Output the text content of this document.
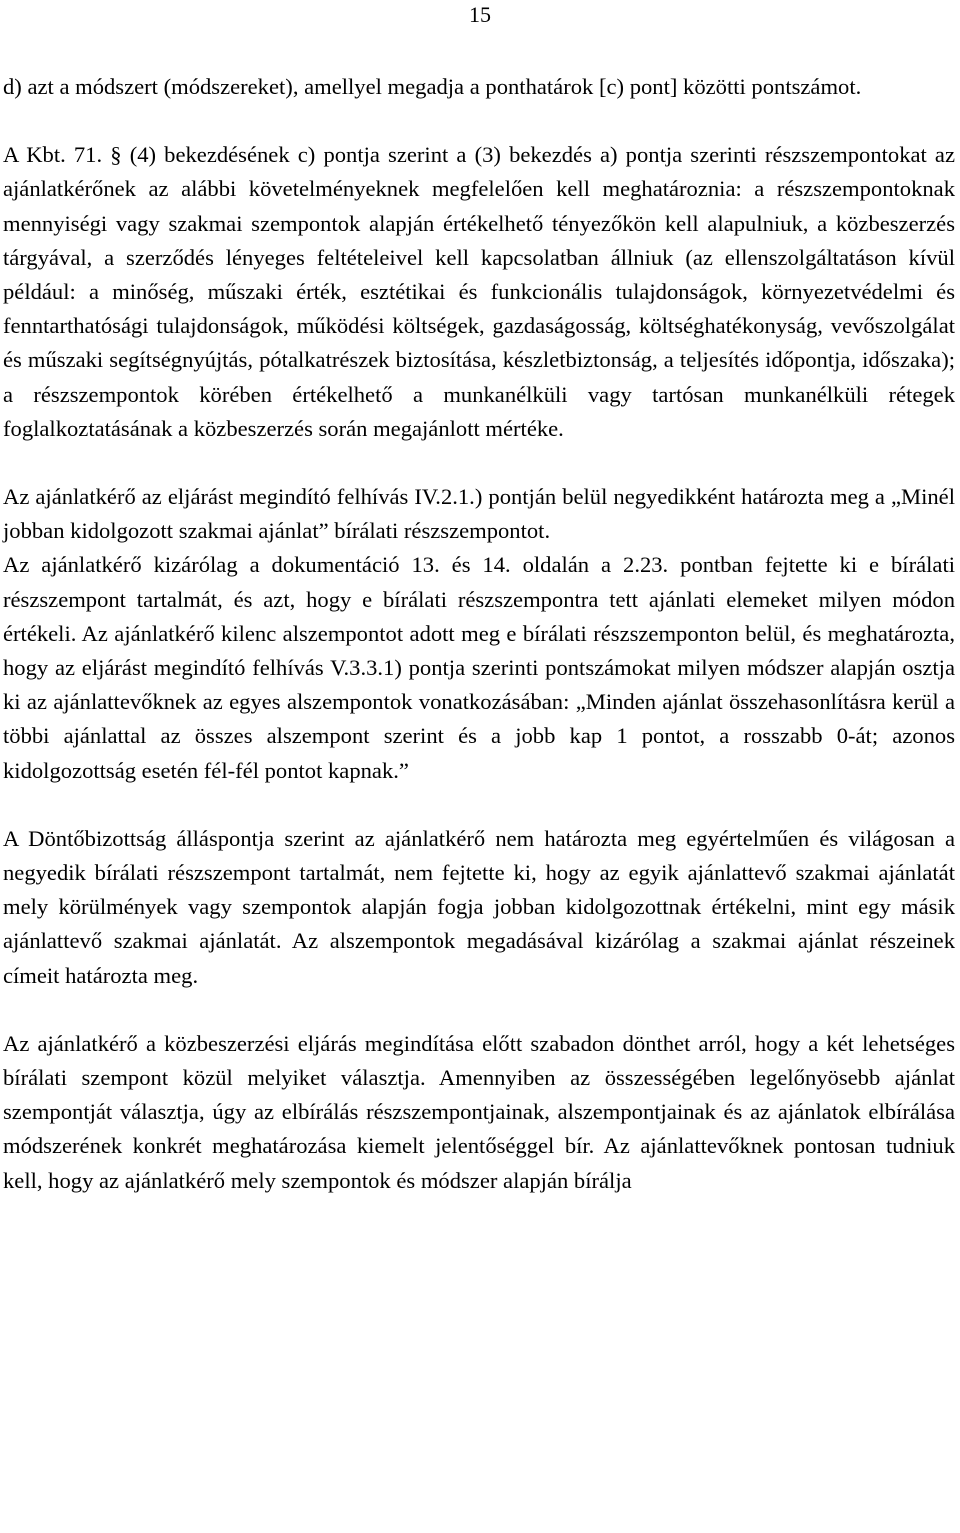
15

d) azt a módszert (módszereket), amellyel megadja a ponthatárok [c) pont] közötti pontszámot.

A Kbt. 71. § (4) bekezdésének c) pontja szerint a (3) bekezdés a) pontja szerinti részszempontokat az ajánlatkérőnek az alábbi követelményeknek megfelelően kell meghatároznia: a részszempontoknak mennyiségi vagy szakmai szempontok alapján értékelhető tényezőkön kell alapulniuk, a közbeszerzés tárgyával, a szerződés lényeges feltételeivel kell kapcsolatban állniuk (az ellenszolgáltatáson kívül például: a minőség, műszaki érték, esztétikai és funkcionális tulajdonságok, környezetvédelmi és fenntarthatósági tulajdonságok, működési költségek, gazdaságosság, költséghatékonyság, vevőszolgálat és műszaki segítségnyújtás, pótalkatrészek biztosítása, készletbiztonság, a teljesítés időpontja, időszaka); a részszempontok körében értékelhető a munkanélküli vagy tartósan munkanélküli rétegek foglalkoztatásának a közbeszerzés során megajánlott mértéke.

Az ajánlatkérő az eljárást megindító felhívás IV.2.1.) pontján belül negyedikként határozta meg a „Minél jobban kidolgozott szakmai ajánlat” bírálati részszempontot.

Az ajánlatkérő kizárólag a dokumentáció 13. és 14. oldalán a 2.23. pontban fejtette ki e bírálati részszempont tartalmát, és azt, hogy e bírálati részszempontra tett ajánlati elemeket milyen módon értékeli. Az ajánlatkérő kilenc alszempontot adott meg e bírálati részszemponton belül, és meghatározta, hogy az eljárást megindító felhívás V.3.3.1) pontja szerinti pontszámokat milyen módszer alapján osztja ki az ajánlattevőknek az egyes alszempontok vonatkozásában: „Minden ajánlat összehasonlításra kerül a többi ajánlattal az összes alszempont szerint és a jobb kap 1 pontot, a rosszabb 0-át; azonos kidolgozottság esetén fél-fél pontot kapnak.”

A Döntőbizottság álláspontja szerint az ajánlatkérő nem határozta meg egyértelműen és világosan a negyedik bírálati részszempont tartalmát, nem fejtette ki, hogy az egyik ajánlattevő szakmai ajánlatát mely körülmények vagy szempontok alapján fogja jobban kidolgozottnak értékelni, mint egy másik ajánlattevő szakmai ajánlatát. Az alszempontok megadásával kizárólag a szakmai ajánlat részeinek címeit határozta meg.

Az ajánlatkérő a közbeszerzési eljárás megindítása előtt szabadon dönthet arról, hogy a két lehetséges bírálati szempont közül melyiket választja. Amennyiben az összességében legelőnyösebb ajánlat szempontját választja, úgy az elbírálás részszempontjainak, alszempontjainak és az ajánlatok elbírálása módszerének konkrét meghatározása kiemelt jelentőséggel bír. Az ajánlattevőknek pontosan tudniuk kell, hogy az ajánlatkérő mely szempontok és módszer alapján bírálja
